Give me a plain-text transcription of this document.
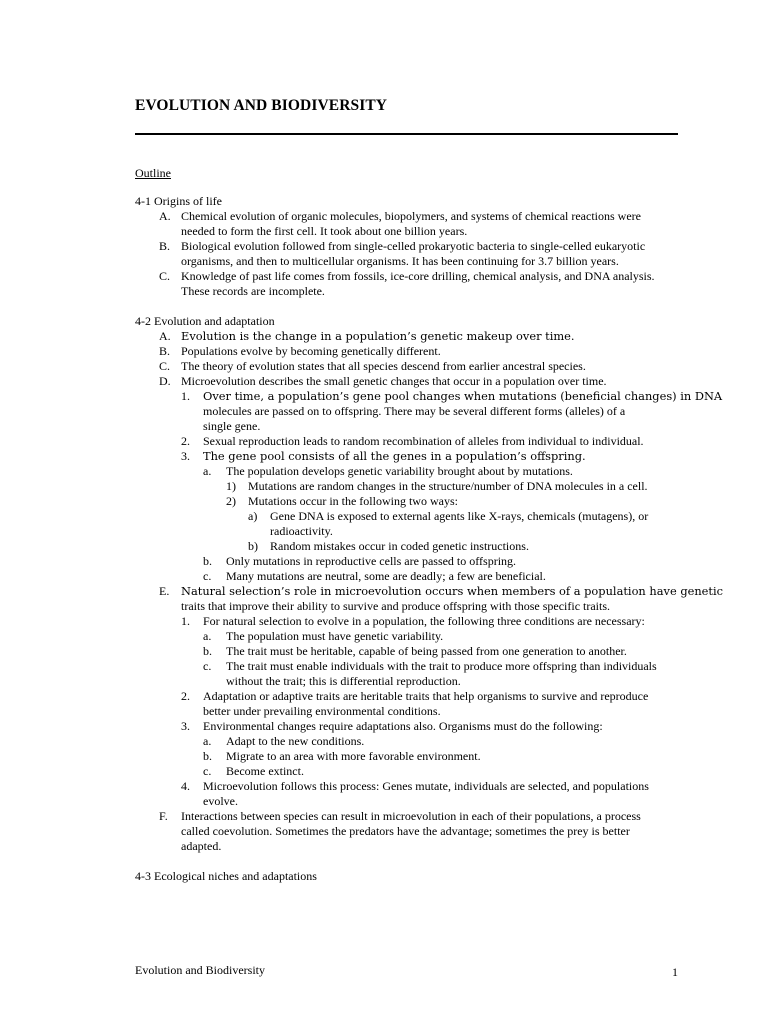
EVOLUTION AND BIODIVERSITY
Outline
4-1 Origins of life
A. Chemical evolution of organic molecules, biopolymers, and systems of chemical reactions were
needed to form the first cell. It took about one billion years.
B. Biological evolution followed from single-celled prokaryotic bacteria to single-celled eukaryotic
organisms, and then to multicellular organisms. It has been continuing for 3.7 billion years.
C. Knowledge of past life comes from fossils, ice-core drilling, chemical analysis, and DNA analysis.
These records are incomplete.
4-2 Evolution and adaptation
A. Evolution is the change in a population’s genetic makeup over time.
B. Populations evolve by becoming genetically different.
C. The theory of evolution states that all species descend from earlier ancestral species.
D. Microevolution describes the small genetic changes that occur in a population over time.
1. Over time, a population’s gene pool changes when mutations (beneficial changes) in DNA
molecules are passed on to offspring. There may be several different forms (alleles) of a
single gene.
2. Sexual reproduction leads to random recombination of alleles from individual to individual.
3. The gene pool consists of all the genes in a population’s offspring.
a. The population develops genetic variability brought about by mutations.
1) Mutations are random changes in the structure/number of DNA molecules in a cell.
2) Mutations occur in the following two ways:
a) Gene DNA is exposed to external agents like X-rays, chemicals (mutagens), or
radioactivity.
b) Random mistakes occur in coded genetic instructions.
b. Only mutations in reproductive cells are passed to offspring.
c. Many mutations are neutral, some are deadly; a few are beneficial.
E. Natural selection’s role in microevolution occurs when members of a population have genetic
traits that improve their ability to survive and produce offspring with those specific traits.
1. For natural selection to evolve in a population, the following three conditions are necessary:
a. The population must have genetic variability.
b. The trait must be heritable, capable of being passed from one generation to another.
c. The trait must enable individuals with the trait to produce more offspring than individuals
without the trait; this is differential reproduction.
2. Adaptation or adaptive traits are heritable traits that help organisms to survive and reproduce
better under prevailing environmental conditions.
3. Environmental changes require adaptations also. Organisms must do the following:
a. Adapt to the new conditions.
b. Migrate to an area with more favorable environment.
c. Become extinct.
4. Microevolution follows this process: Genes mutate, individuals are selected, and populations
evolve.
F. Interactions between species can result in microevolution in each of their populations, a process
called coevolution. Sometimes the predators have the advantage; sometimes the prey is better
adapted.
4-3 Ecological niches and adaptations
Evolution and Biodiversity	1
